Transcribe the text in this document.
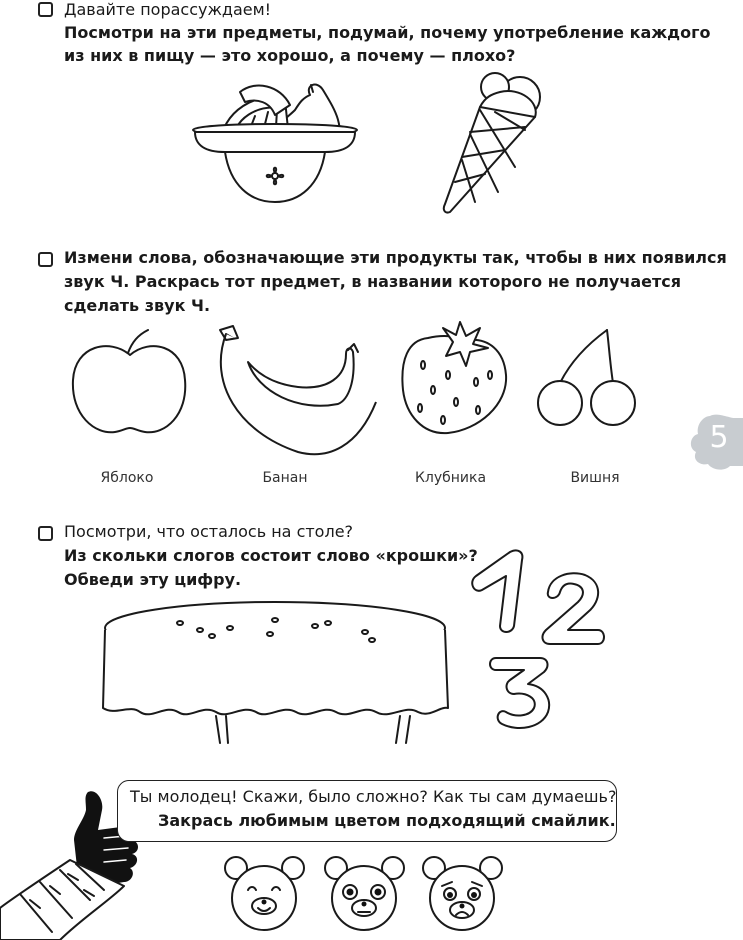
Давайте порассуждаем!
Посмотри на эти предметы, подумай, почему употребление каждого
из них в пищу — это хорошо, а почему — плохо?
Измени слова, обозначающие эти продукты так, чтобы в них появился
звук Ч. Раскрась тот предмет, в названии которого не получается
сделать звук Ч.
Яблоко	Банан	Клубника	Вишня
5
Посмотри, что осталось на столе?
Из скольки слогов состоит слово «крошки»?
Обведи эту цифру.
Ты молодец! Скажи, было сложно? Как ты сам думаешь?
Закрась любимым цветом подходящий смайлик.
